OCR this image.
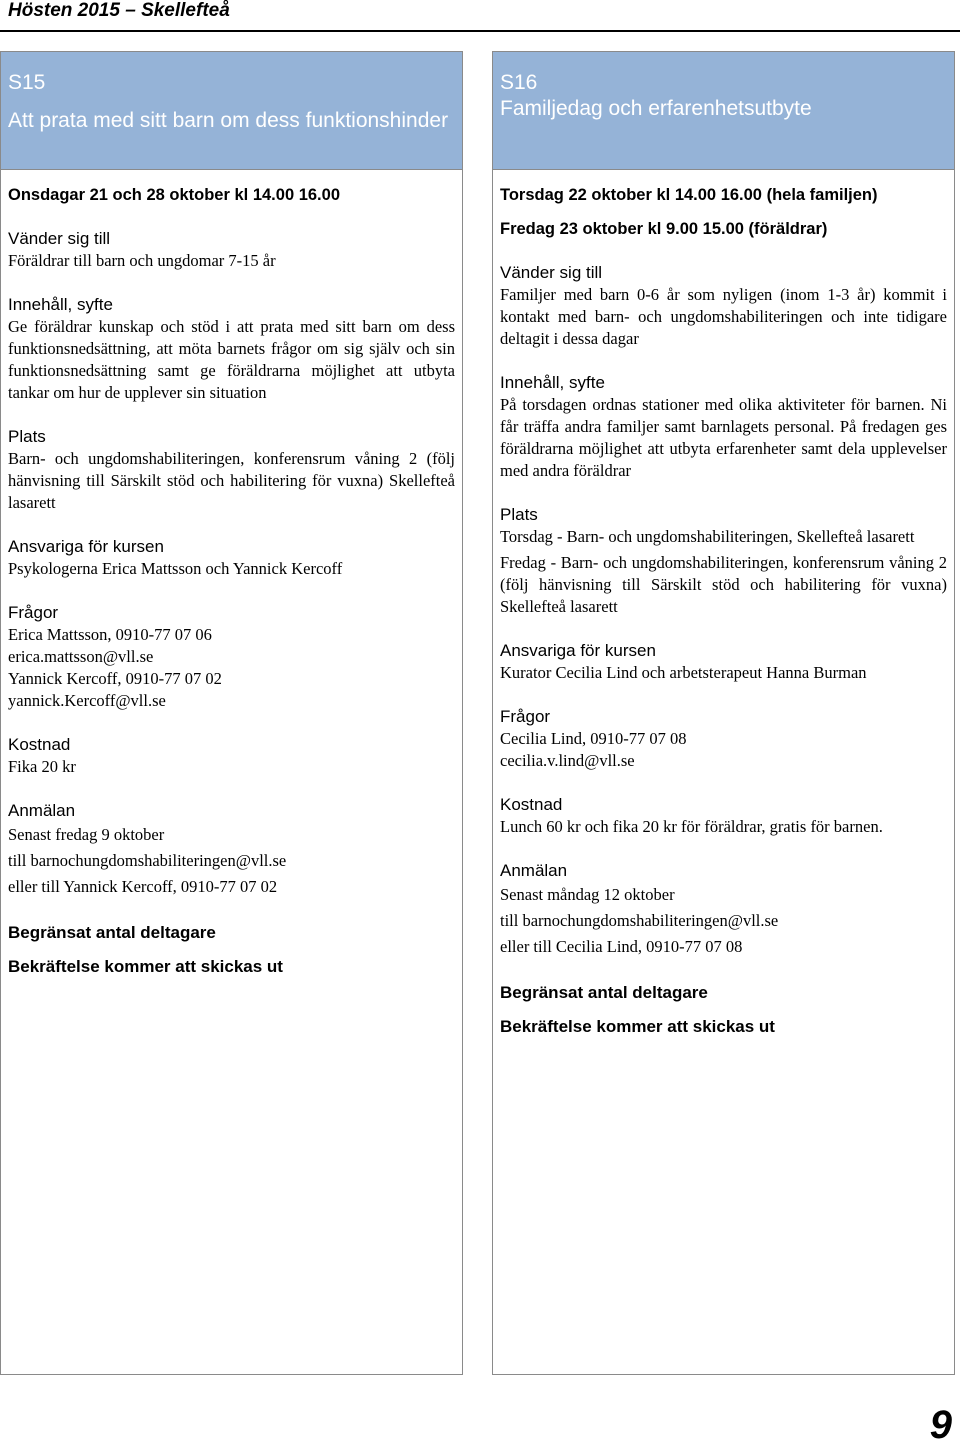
Hösten 2015 – Skellefteå
S15
Att prata med sitt barn om dess funktionshinder
Onsdagar 21 och 28 oktober kl 14.00 16.00
Vänder sig till
Föräldrar till barn och ungdomar 7-15 år
Innehåll, syfte
Ge föräldrar kunskap och stöd i att prata med sitt barn om dess funktionsnedsättning, att möta barnets frågor om sig själv och sin funktionsnedsättning samt ge föräldrarna möjlighet att utbyta tankar om hur de upplever sin situation
Plats
Barn- och ungdomshabiliteringen, konferensrum våning 2 (följ hänvisning till Särskilt stöd och habilitering för vuxna) Skellefteå lasarett
Ansvariga för kursen
Psykologerna Erica Mattsson och Yannick Kercoff
Frågor
Erica Mattsson, 0910-77 07 06
erica.mattsson@vll.se
Yannick Kercoff, 0910-77 07 02
yannick.Kercoff@vll.se
Kostnad
Fika 20 kr
Anmälan
Senast fredag 9 oktober
till barnochungdomshabiliteringen@vll.se
eller till Yannick Kercoff, 0910-77 07 02
Begränsat antal deltagare
Bekräftelse kommer att skickas ut
S16
Familjedag och erfarenhetsutbyte
Torsdag 22 oktober kl 14.00 16.00 (hela familjen)
Fredag 23 oktober kl 9.00 15.00 (föräldrar)
Vänder sig till
Familjer med barn 0-6 år som nyligen (inom 1-3 år) kommit i kontakt med barn- och ungdomshabiliteringen och inte tidigare deltagit i dessa dagar
Innehåll, syfte
På torsdagen ordnas stationer med olika aktiviteter för barnen. Ni får träffa andra familjer samt barnlagets personal. På fredagen ges föräldrarna möjlighet att utbyta erfarenheter samt dela upplevelser med andra föräldrar
Plats
Torsdag - Barn- och ungdomshabiliteringen, Skellefteå lasarett
Fredag - Barn- och ungdomshabiliteringen, konferensrum våning 2 (följ hänvisning till Särskilt stöd och habilitering för vuxna) Skellefteå lasarett
Ansvariga för kursen
Kurator Cecilia Lind och arbetsterapeut Hanna Burman
Frågor
Cecilia Lind, 0910-77 07 08
cecilia.v.lind@vll.se
Kostnad
Lunch 60 kr och fika 20 kr för föräldrar, gratis för barnen.
Anmälan
Senast måndag 12 oktober
till barnochungdomshabiliteringen@vll.se
eller till Cecilia Lind, 0910-77 07 08
Begränsat antal deltagare
Bekräftelse kommer att skickas ut
9
